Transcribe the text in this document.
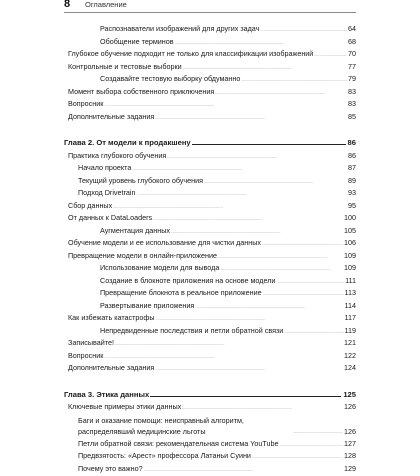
8 Оглавление
Распознаватели изображений для других задач . . .	64
Обобщение терминов . . .	68
Глубокое обучение подходит не только для классификации изображений . . .	70
Контрольные и тестовые выборки . . .	77
Создавайте тестовую выборку обдуманно . . .	79
Момент выбора собственного приключения . . .	83
Вопросник . . .	83
Дополнительные задания . . .	85
Глава 2. От модели к продакшену	86
Практика глубокого обучения . . .	86
Начало проекта . . .	87
Текущий уровень глубокого обучения . . .	89
Подход Drivetrain . . .	93
Сбор данных . . .	95
От данных к DataLoaders . . .	100
Аугментация данных . . .	105
Обучение модели и ее использование для чистки данных . . .	106
Превращение модели в онлайн-приложение . . .	109
Использование модели для вывода . . .	109
Создание в блокноте приложения на основе модели . . .	111
Превращение блокнота в реальное приложение . . .	113
Развертывание приложения . . .	114
Как избежать катастрофы . . .	117
Непредвиденные последствия и петли обратной связи . . .	119
Записывайте! . . .	121
Вопросник . . .	122
Дополнительные задания . . .	124
Глава 3. Этика данных	125
Ключевые примеры этики данных . . .	126
Баги и оказание помощи: неисправный алгоритм, распределявший медицинские льготы . . .	126
Петли обратной связи: рекомендательная система YouTube . . .	127
Предвзятость: «Арест» профессора Латаньи Суини . . .	128
Почему это важно? . . .	129
